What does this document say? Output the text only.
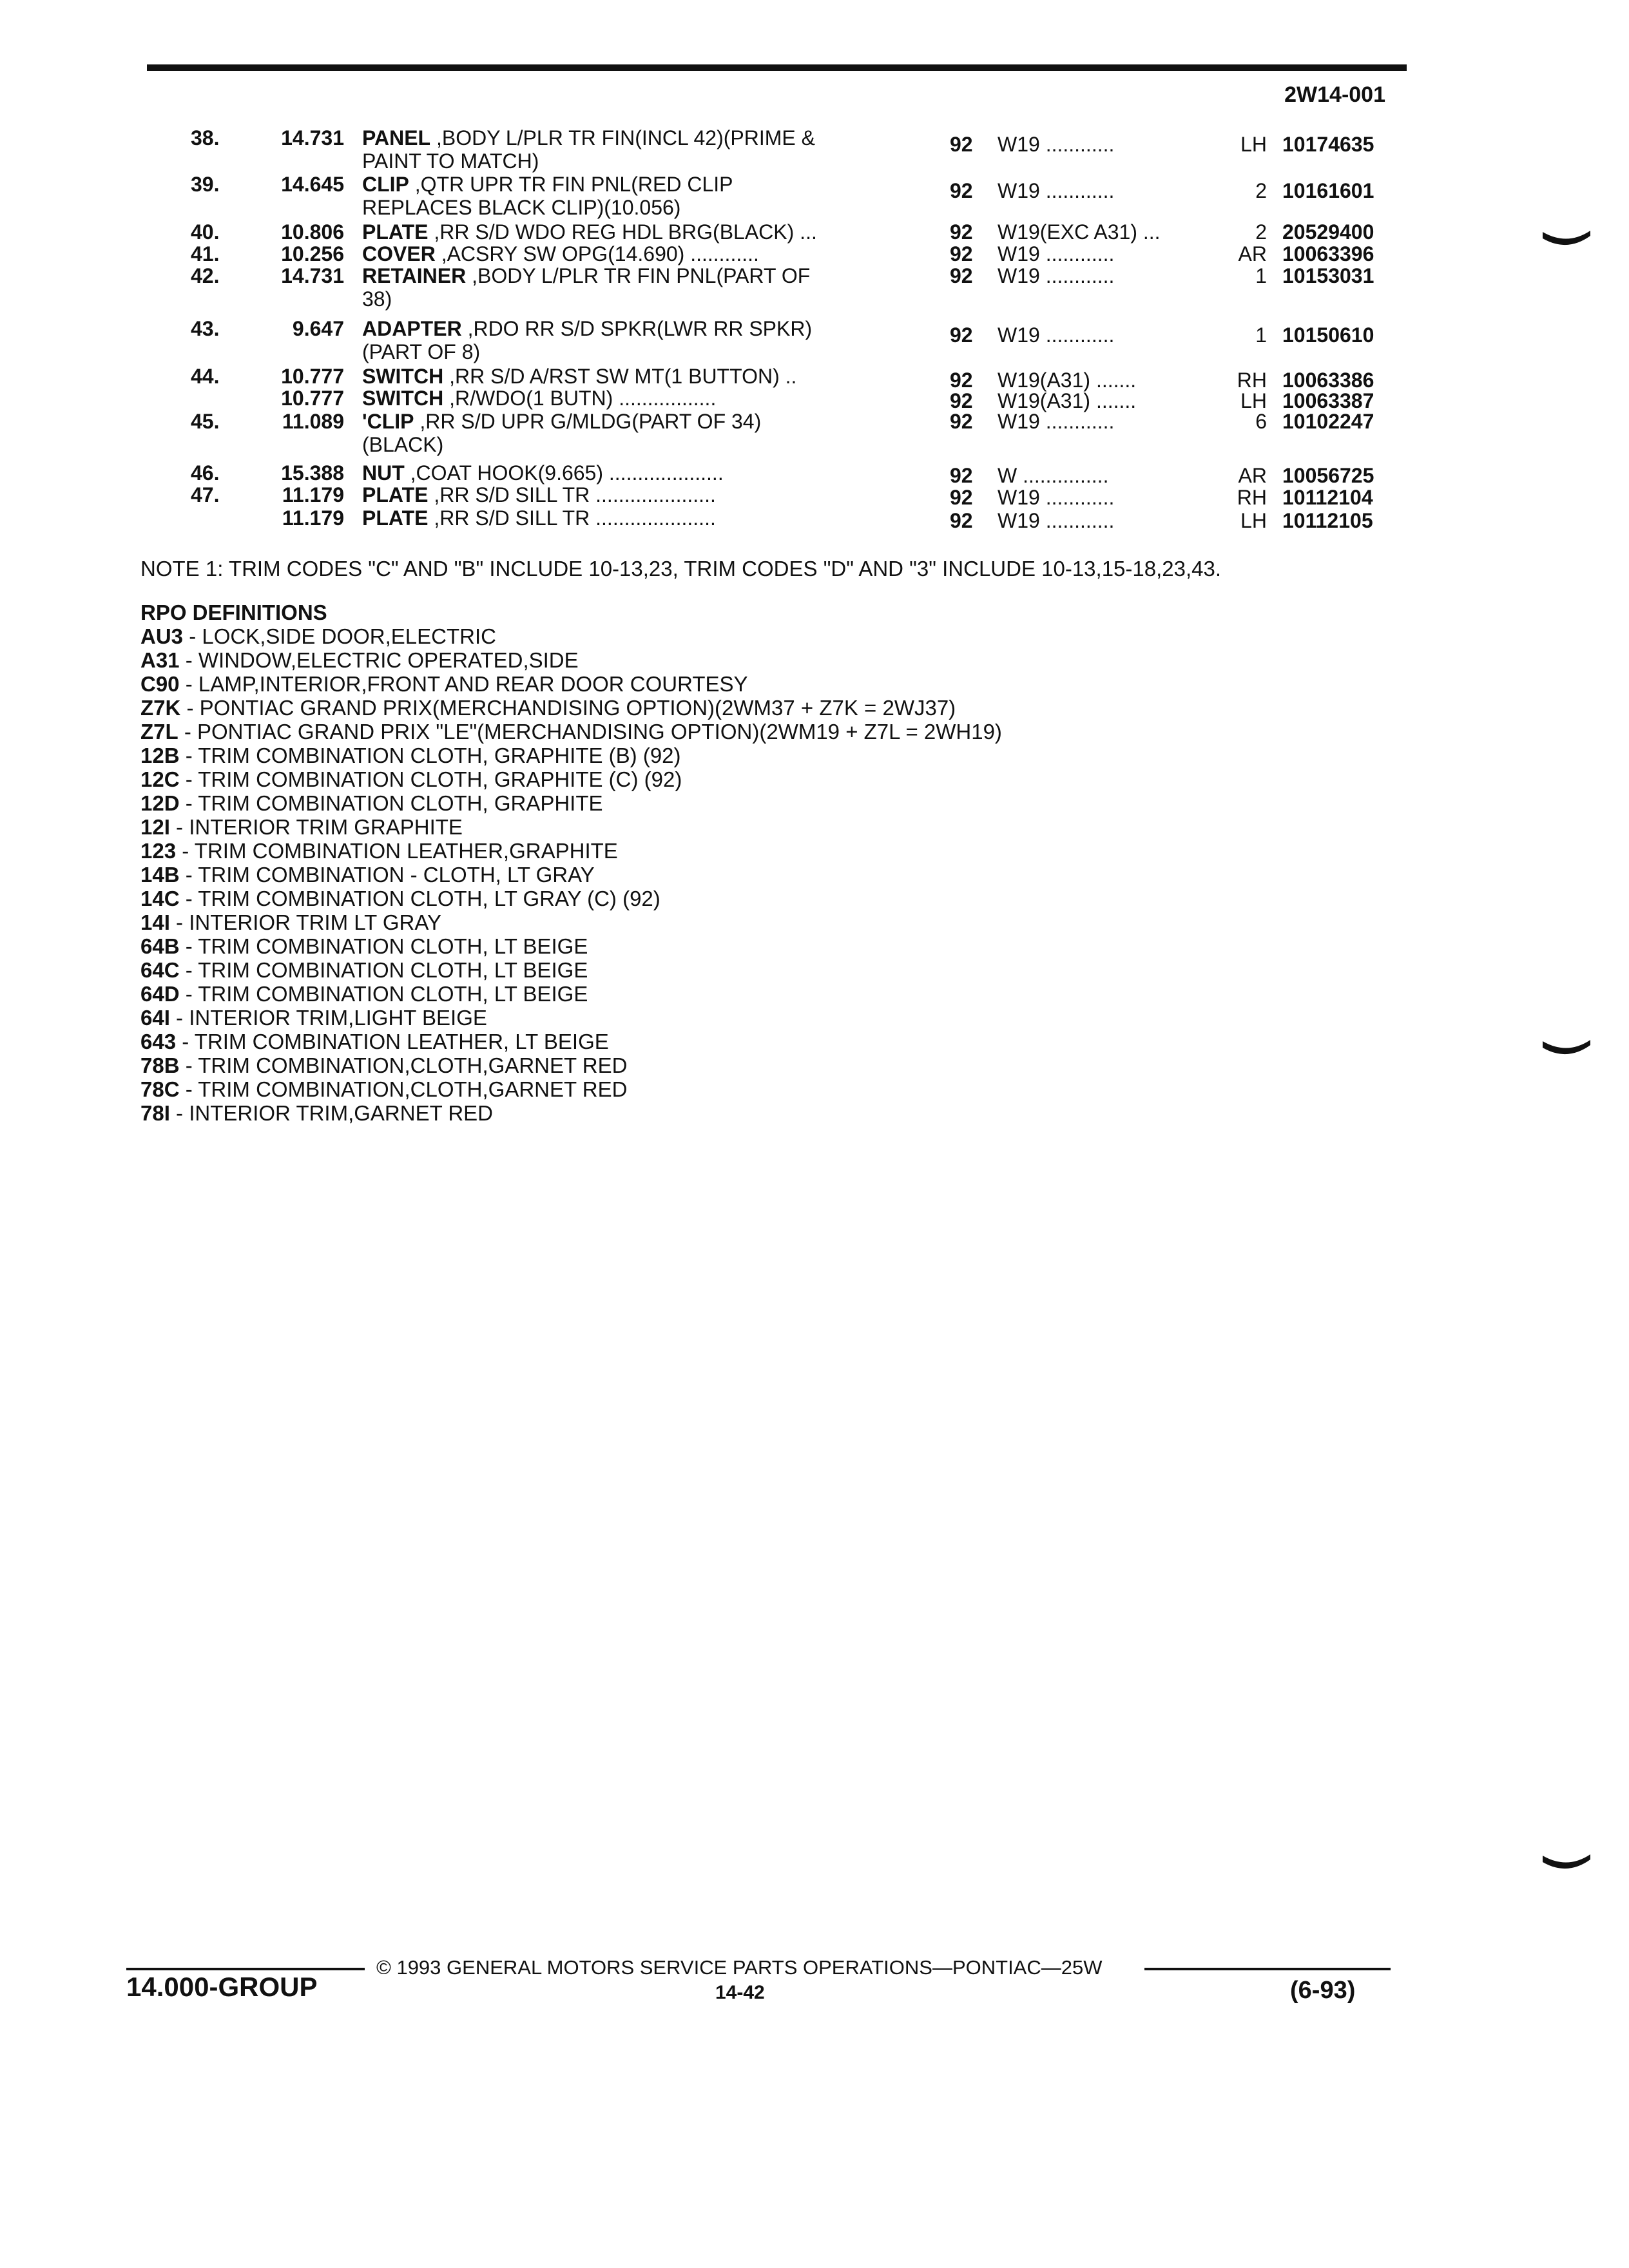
2W14-001
38.	14.731 PANEL ,BODY L/PLR TR FIN(INCL 42)(PRIME &
PAINT TO MATCH)
92 W19 ............	LH 10174635
39.	14.645 CLIP ,QTR UPR TR FIN PNL(RED CLIP
REPLACES BLACK CLIP)(10.056)
92 W19 ............	2 10161601
40.	10.806 PLATE ,RR S/D WDO REG HDL BRG(BLACK) ...	92 W19(EXC A31) ...	2 20529400
41.	10.256 COVER ,ACSRY SW OPG(14.690) ............	92 W19 ............	AR 10063396
42.	14.731 RETAINER ,BODY L/PLR TR FIN PNL(PART OF
38)
92 W19 ............	1 10153031
43.	9.647 ADAPTER ,RDO RR S/D SPKR(LWR RR SPKR)
(PART OF 8)
92 W19 ............	1 10150610
44.	10.777 SWITCH ,RR S/D A/RST SW MT(1 BUTTON) ..	92 W19(A31) .......	RH 10063386
10.777 SWITCH ,R/WDO(1 BUTN) .................	92 W19(A31) .......	LH 10063387
45.	11.089 'CLIP ,RR S/D UPR G/MLDG(PART OF 34)
(BLACK)
92 W19 ............	6 10102247
46.	15.388 NUT ,COAT HOOK(9.665) ....................	92 W ...............	AR 10056725
47.	11.179 PLATE ,RR S/D SILL TR .....................	92 W19 ............	RH 10112104
11.179 PLATE ,RR S/D SILL TR .....................	92 W19 ............	LH 10112105
NOTE 1: TRIM CODES "C" AND "B" INCLUDE 10-13,23, TRIM CODES "D" AND "3" INCLUDE 10-13,15-18,23,43.
RPO DEFINITIONS
AU3 - LOCK,SIDE DOOR,ELECTRIC
A31 - WINDOW,ELECTRIC OPERATED,SIDE
C90 - LAMP,INTERIOR,FRONT AND REAR DOOR COURTESY
Z7K - PONTIAC GRAND PRIX(MERCHANDISING OPTION)(2WM37 + Z7K = 2WJ37)
Z7L - PONTIAC GRAND PRIX "LE"(MERCHANDISING OPTION)(2WM19 + Z7L = 2WH19)
12B - TRIM COMBINATION CLOTH, GRAPHITE (B) (92)
12C - TRIM COMBINATION CLOTH, GRAPHITE (C) (92)
12D - TRIM COMBINATION CLOTH, GRAPHITE
12I - INTERIOR TRIM GRAPHITE
123 - TRIM COMBINATION LEATHER,GRAPHITE
14B - TRIM COMBINATION - CLOTH, LT GRAY
14C - TRIM COMBINATION CLOTH, LT GRAY (C) (92)
14I - INTERIOR TRIM LT GRAY
64B - TRIM COMBINATION CLOTH, LT BEIGE
64C - TRIM COMBINATION CLOTH, LT BEIGE
64D - TRIM COMBINATION CLOTH, LT BEIGE
64I - INTERIOR TRIM,LIGHT BEIGE
643 - TRIM COMBINATION LEATHER, LT BEIGE
78B - TRIM COMBINATION,CLOTH,GARNET RED
78C - TRIM COMBINATION,CLOTH,GARNET RED
78I - INTERIOR TRIM,GARNET RED
14.000-GROUP
© 1993 GENERAL MOTORS SERVICE PARTS OPERATIONS—PONTIAC—25W
14-42	(6-93)
